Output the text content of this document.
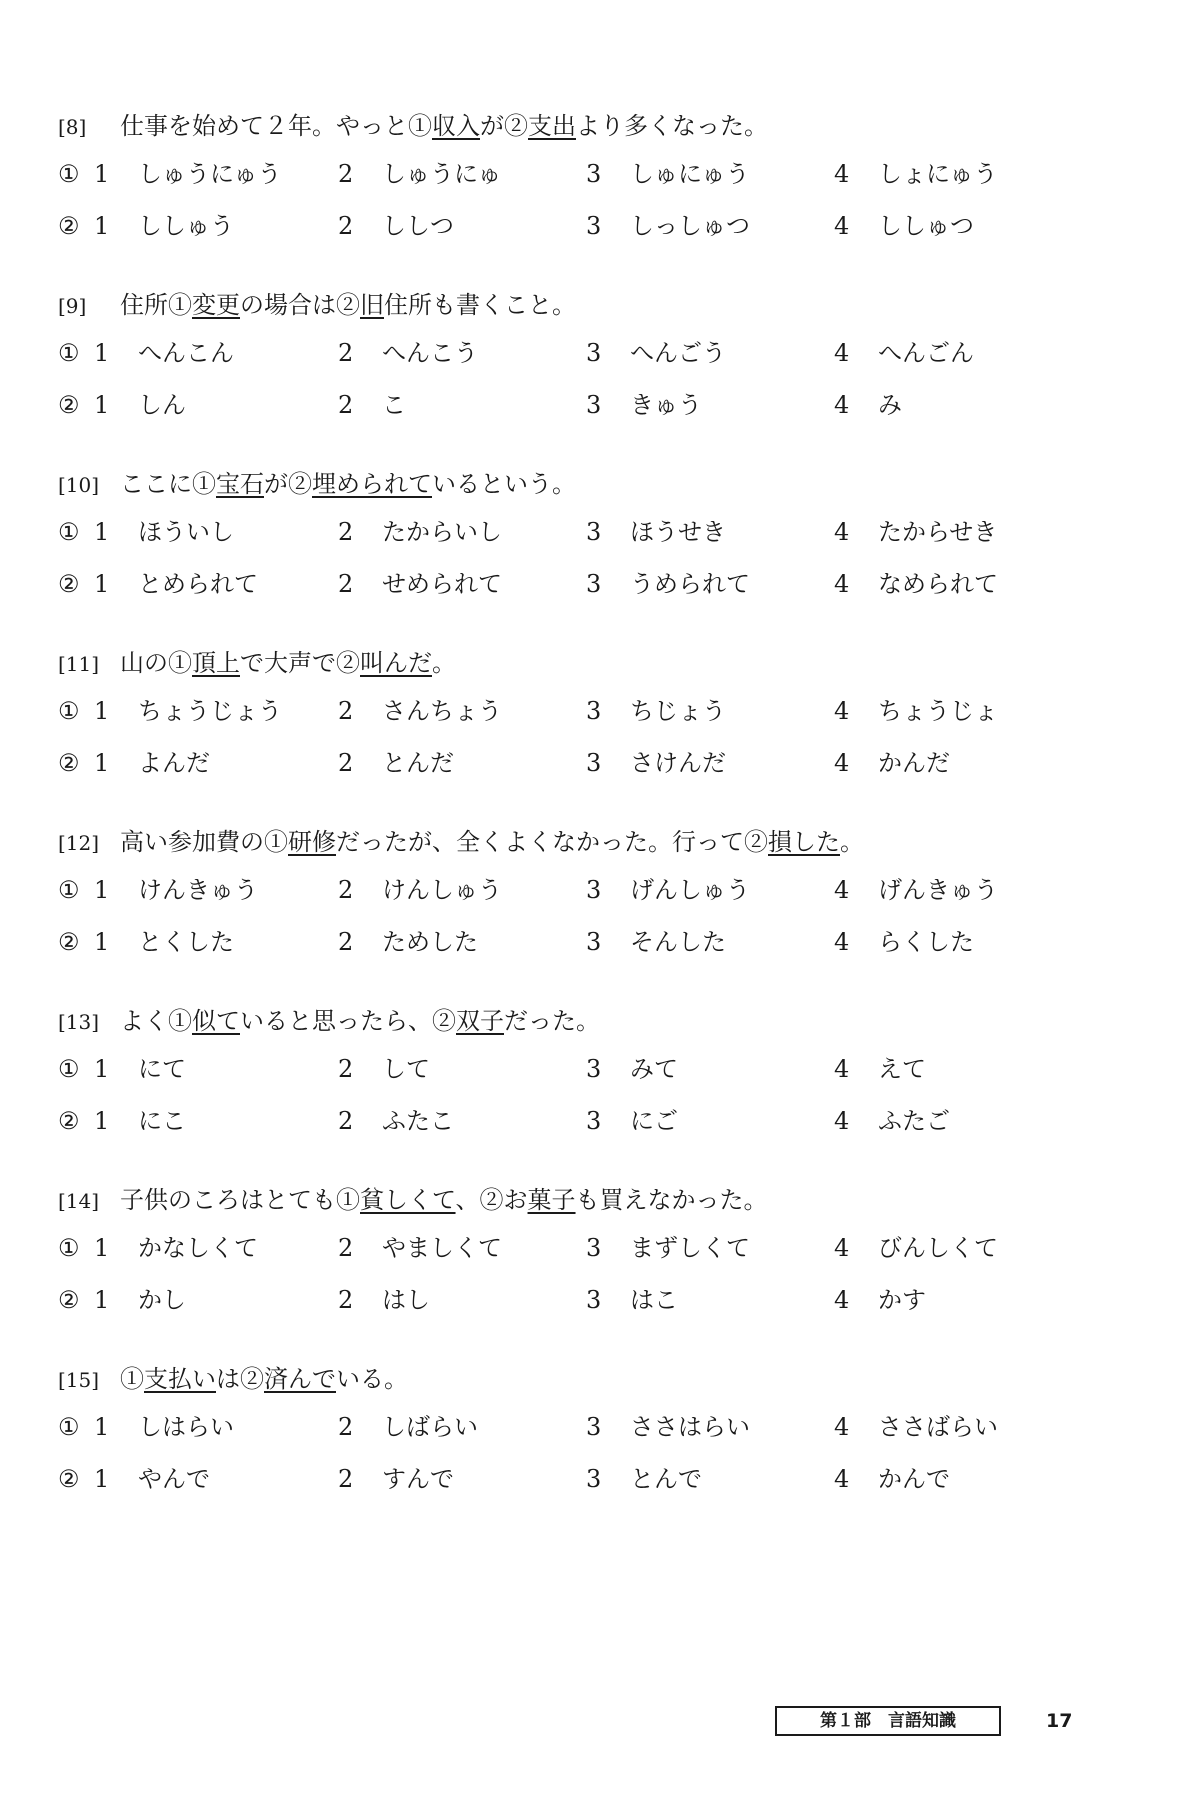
[8] 仕事を始めて２年。やっと①収入が②支出より多くなった。
① 1 しゅうにゅう 2 しゅうにゅ	3 しゅにゅう	4 しょにゅう
② 1 ししゅう	2 ししつ	3 しっしゅつ	4 ししゅつ
[9] 住所①変更の場合は②旧住所も書くこと。
① 1 へんこん	2 へんこう	3 へんごう	4 へんごん
② 1 しん	2 こ	3 きゅう	4 み
[10] ここに①宝石が②埋められているという。
① 1 ほういし	2 たからいし	3 ほうせき	4 たからせき
② 1 とめられて	2 せめられて	3 うめられて	4 なめられて
[11] 山の①頂上で大声で②叫んだ。
① 1 ちょうじょう 2 さんちょう	3 ちじょう	4 ちょうじょ
② 1 よんだ	2 とんだ	3 さけんだ	4 かんだ
[12] 高い参加費の①研修だったが、全くよくなかった。行って②損した。
① 1 けんきゅう	2 けんしゅう	3 げんしゅう	4 げんきゅう
② 1 とくした	2 ためした	3 そんした	4 らくした
[13] よく①似ていると思ったら、②双子だった。
① 1 にて	2 して	3 みて	4 えて
② 1 にこ	2 ふたこ	3 にご	4 ふたご
[14] 子供のころはとても①貧しくて、②お菓子も買えなかった。
① 1 かなしくて	2 やましくて	3 まずしくて	4 びんしくて
② 1 かし	2 はし	3 はこ	4 かす
[15] ①支払いは②済んでいる。
① 1 しはらい	2 しばらい	3 ささはらい	4 ささばらい
② 1 やんで	2 すんで	3 とんで	4 かんで
第１部　言語知識	17
